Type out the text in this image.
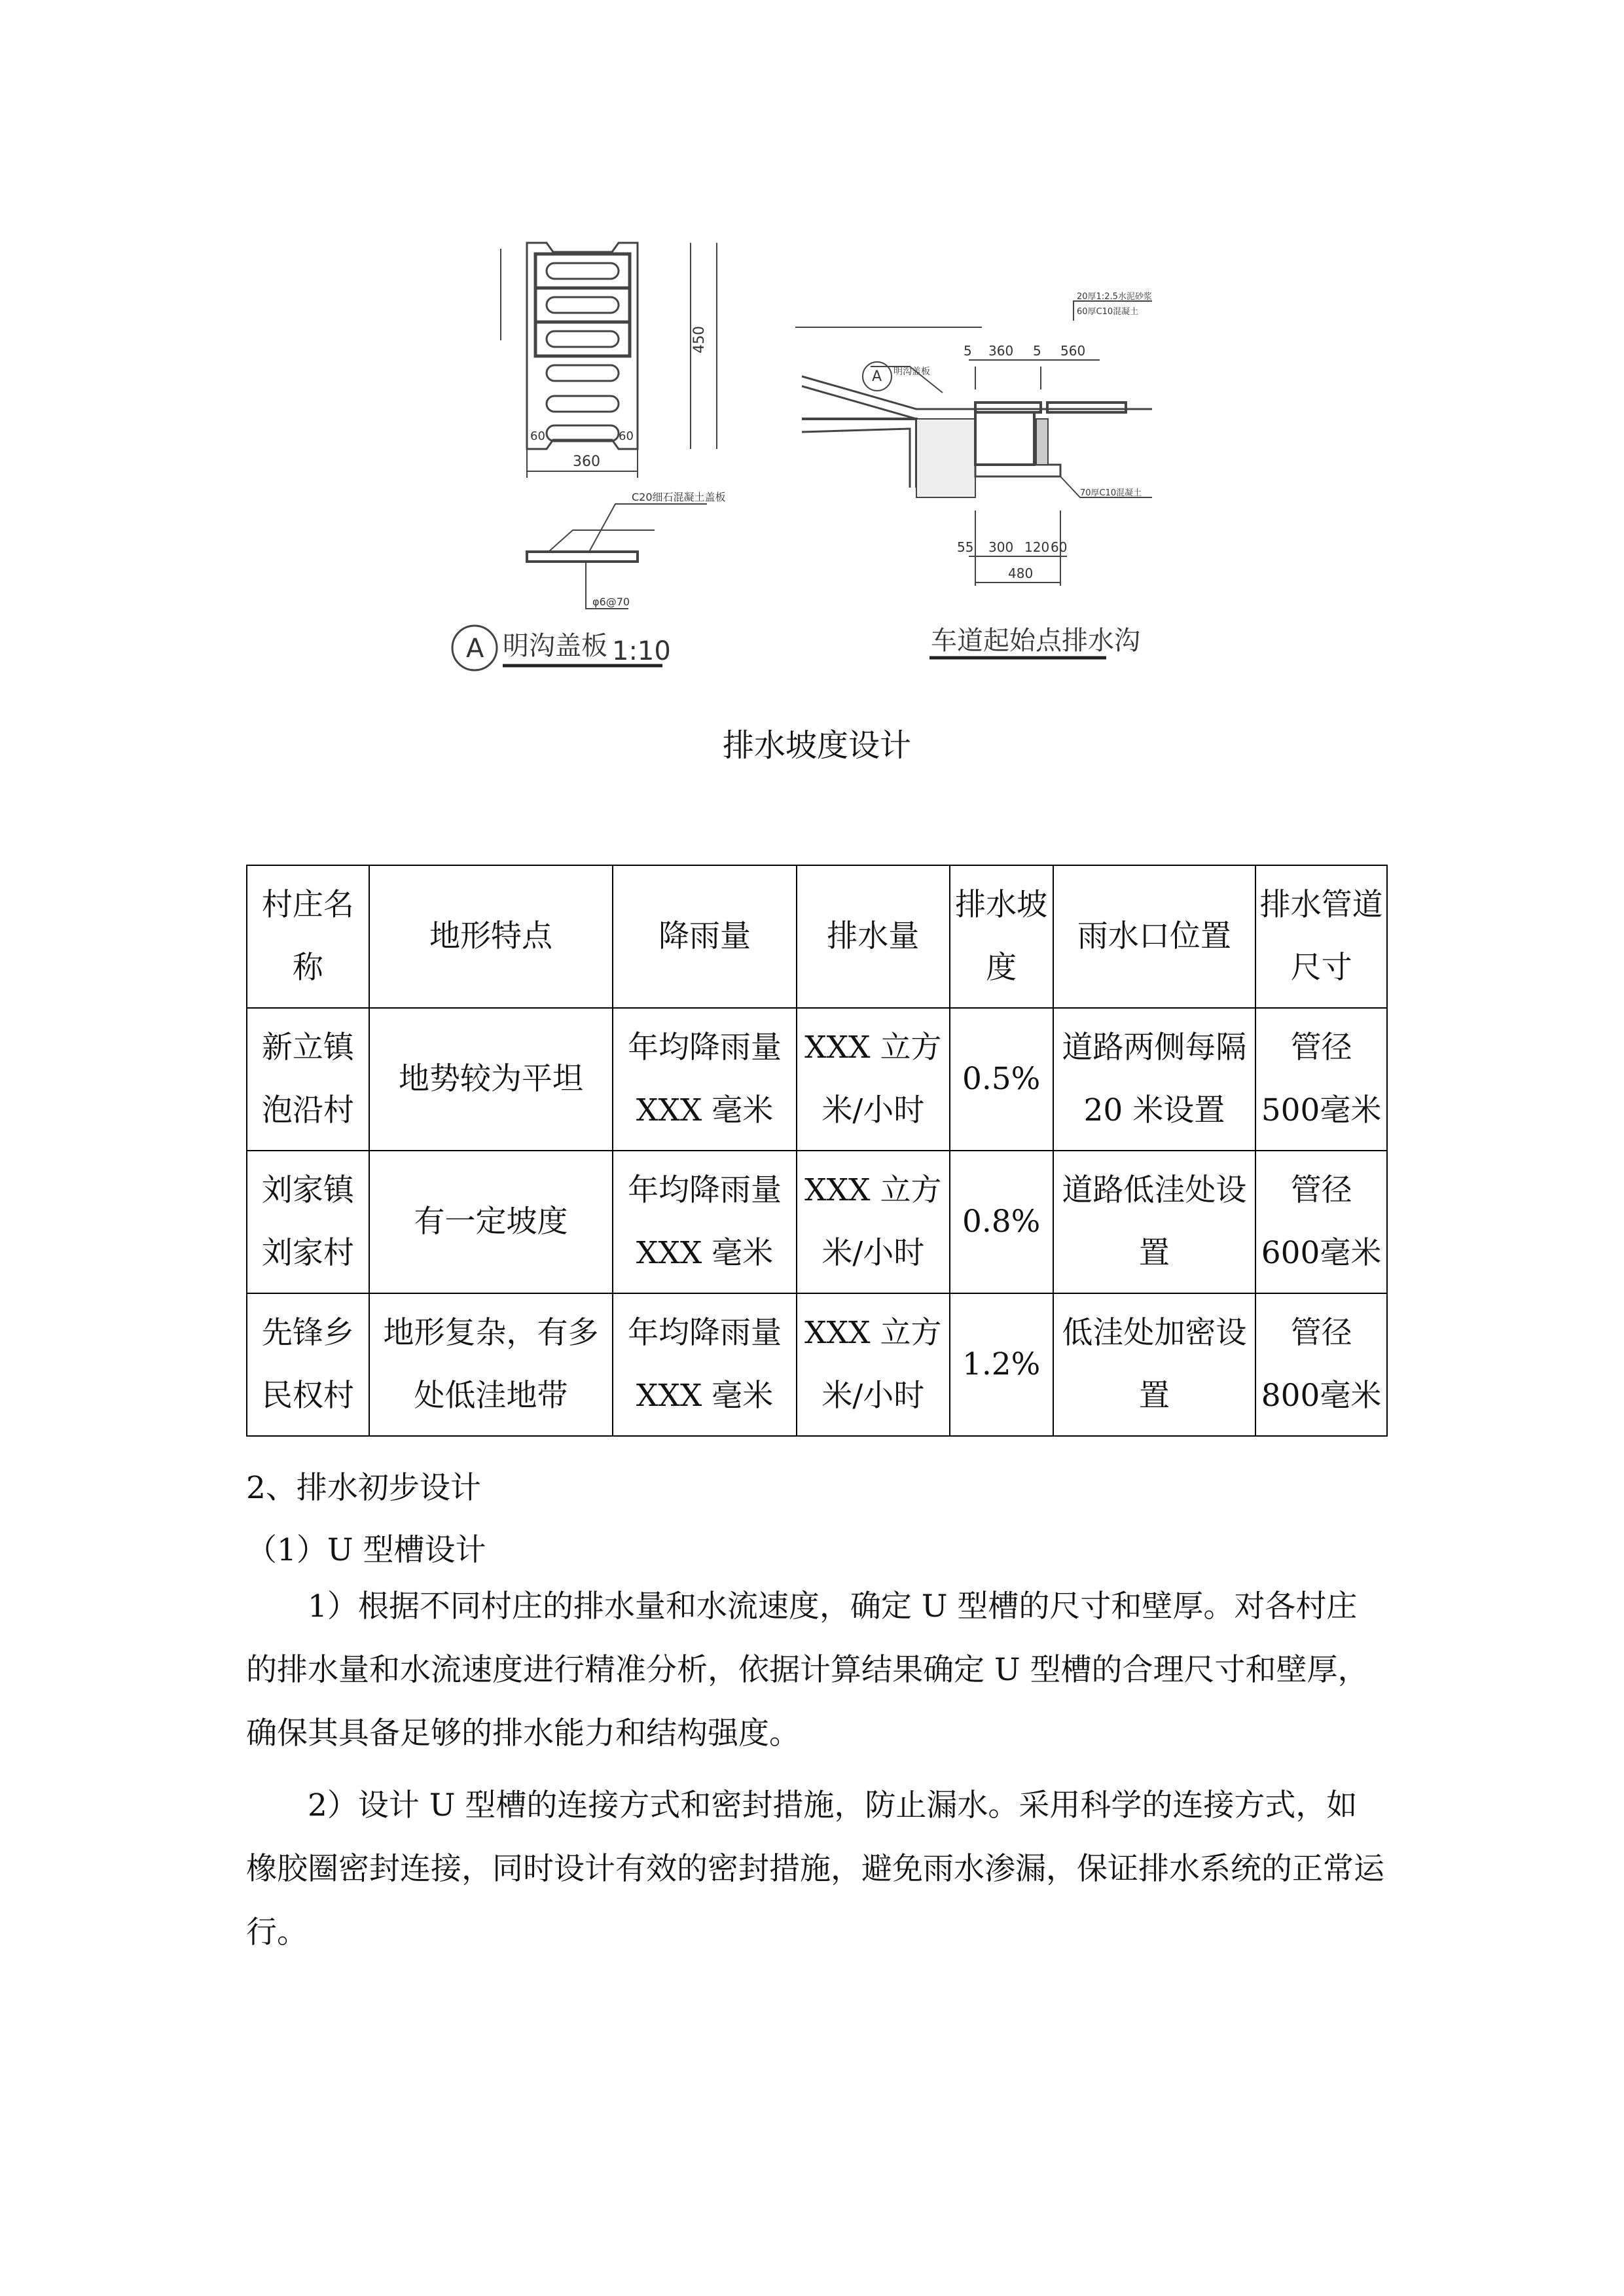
450
360
60	60
C20细石混凝土盖板
φ6@70
A 明沟盖板 1:10
A 明沟盖板
20厚1:2.5水泥砂浆
60厚C10混凝土
70厚C10混凝土
5 360 5 560
55 300 120 60
480
车道起始点排水沟
排水坡度设计
村庄名称	地形特点	降雨量	排水量	排水坡度	雨水口位置	排水管道尺寸
新立镇泡沿村	地势较为平坦	年均降雨量XXX 毫米	XXX 立方米/小时	0.5%	道路两侧每隔20 米设置	管径 500毫米
刘家镇刘家村	有一定坡度	年均降雨量XXX 毫米	XXX 立方米/小时	0.8%	道路低洼处设置	管径 600毫米
先锋乡民权村	地形复杂，有多处低洼地带	年均降雨量XXX 毫米	XXX 立方米/小时	1.2%	低洼处加密设置	管径 800毫米
2、排水初步设计
（1）U 型槽设计
1）根据不同村庄的排水量和水流速度，确定 U 型槽的尺寸和壁厚。对各村庄的排水量和水流速度进行精准分析，依据计算结果确定 U 型槽的合理尺寸和壁厚，确保其具备足够的排水能力和结构强度。
2）设计 U 型槽的连接方式和密封措施，防止漏水。采用科学的连接方式，如橡胶圈密封连接，同时设计有效的密封措施，避免雨水渗漏，保证排水系统的正常运行。
